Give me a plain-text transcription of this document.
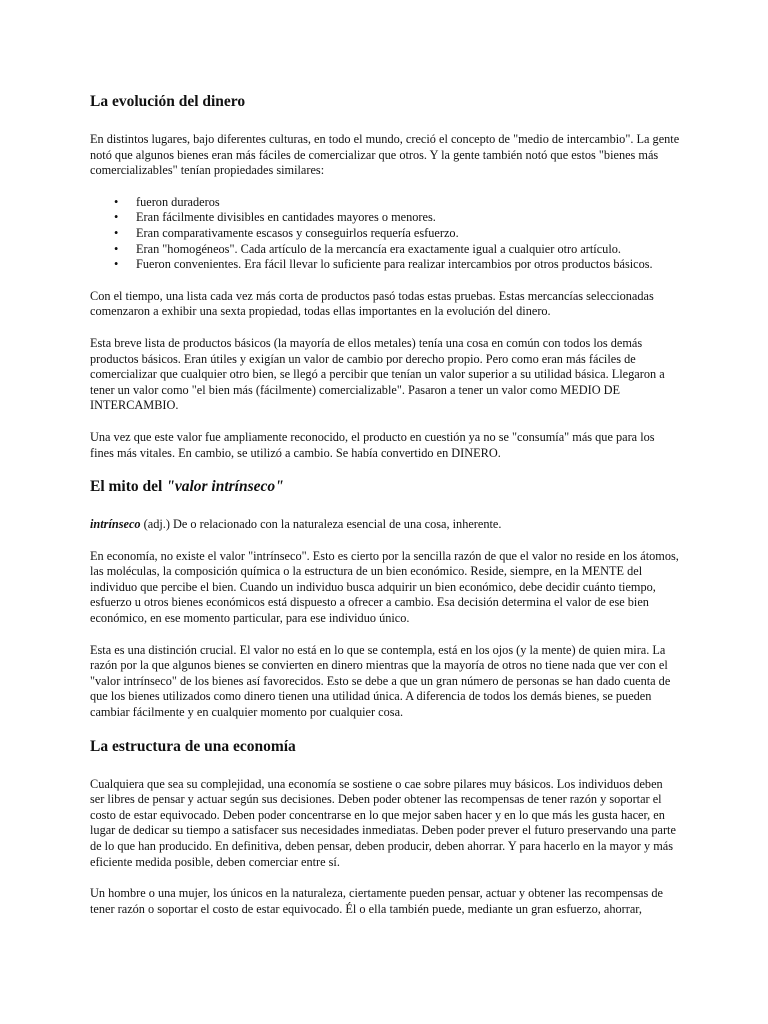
La evolución del dinero

En distintos lugares, bajo diferentes culturas, en todo el mundo, creció el concepto de "medio de intercambio". La gente notó que algunos bienes eran más fáciles de comercializar que otros. Y la gente también notó que estos "bienes más comercializables" tenían propiedades similares:

• fueron duraderos
• Eran fácilmente divisibles en cantidades mayores o menores.
• Eran comparativamente escasos y conseguirlos requería esfuerzo.
• Eran "homogéneos". Cada artículo de la mercancía era exactamente igual a cualquier otro artículo.
• Fueron convenientes. Era fácil llevar lo suficiente para realizar intercambios por otros productos básicos.

Con el tiempo, una lista cada vez más corta de productos pasó todas estas pruebas. Estas mercancías seleccionadas comenzaron a exhibir una sexta propiedad, todas ellas importantes en la evolución del dinero.

Esta breve lista de productos básicos (la mayoría de ellos metales) tenía una cosa en común con todos los demás productos básicos. Eran útiles y exigían un valor de cambio por derecho propio. Pero como eran más fáciles de comercializar que cualquier otro bien, se llegó a percibir que tenían un valor superior a su utilidad básica. Llegaron a tener un valor como "el bien más (fácilmente) comercializable". Pasaron a tener un valor como MEDIO DE INTERCAMBIO.

Una vez que este valor fue ampliamente reconocido, el producto en cuestión ya no se "consumía" más que para los fines más vitales. En cambio, se utilizó a cambio. Se había convertido en DINERO.

El mito del "valor intrínseco"

intrínseco (adj.) De o relacionado con la naturaleza esencial de una cosa, inherente.

En economía, no existe el valor "intrínseco". Esto es cierto por la sencilla razón de que el valor no reside en los átomos, las moléculas, la composición química o la estructura de un bien económico. Reside, siempre, en la MENTE del individuo que percibe el bien. Cuando un individuo busca adquirir un bien económico, debe decidir cuánto tiempo, esfuerzo u otros bienes económicos está dispuesto a ofrecer a cambio. Esa decisión determina el valor de ese bien económico, en ese momento particular, para ese individuo único.

Esta es una distinción crucial. El valor no está en lo que se contempla, está en los ojos (y la mente) de quien mira. La razón por la que algunos bienes se convierten en dinero mientras que la mayoría de otros no tiene nada que ver con el "valor intrínseco" de los bienes así favorecidos. Esto se debe a que un gran número de personas se han dado cuenta de que los bienes utilizados como dinero tienen una utilidad única. A diferencia de todos los demás bienes, se pueden cambiar fácilmente y en cualquier momento por cualquier cosa.

La estructura de una economía

Cualquiera que sea su complejidad, una economía se sostiene o cae sobre pilares muy básicos. Los individuos deben ser libres de pensar y actuar según sus decisiones. Deben poder obtener las recompensas de tener razón y soportar el costo de estar equivocado. Deben poder concentrarse en lo que mejor saben hacer y en lo que más les gusta hacer, en lugar de dedicar su tiempo a satisfacer sus necesidades inmediatas. Deben poder prever el futuro preservando una parte de lo que han producido. En definitiva, deben pensar, deben producir, deben ahorrar. Y para hacerlo en la mayor y más eficiente medida posible, deben comerciar entre sí.

Un hombre o una mujer, los únicos en la naturaleza, ciertamente pueden pensar, actuar y obtener las recompensas de tener razón o soportar el costo de estar equivocado. Él o ella también puede, mediante un gran esfuerzo, ahorrar,
